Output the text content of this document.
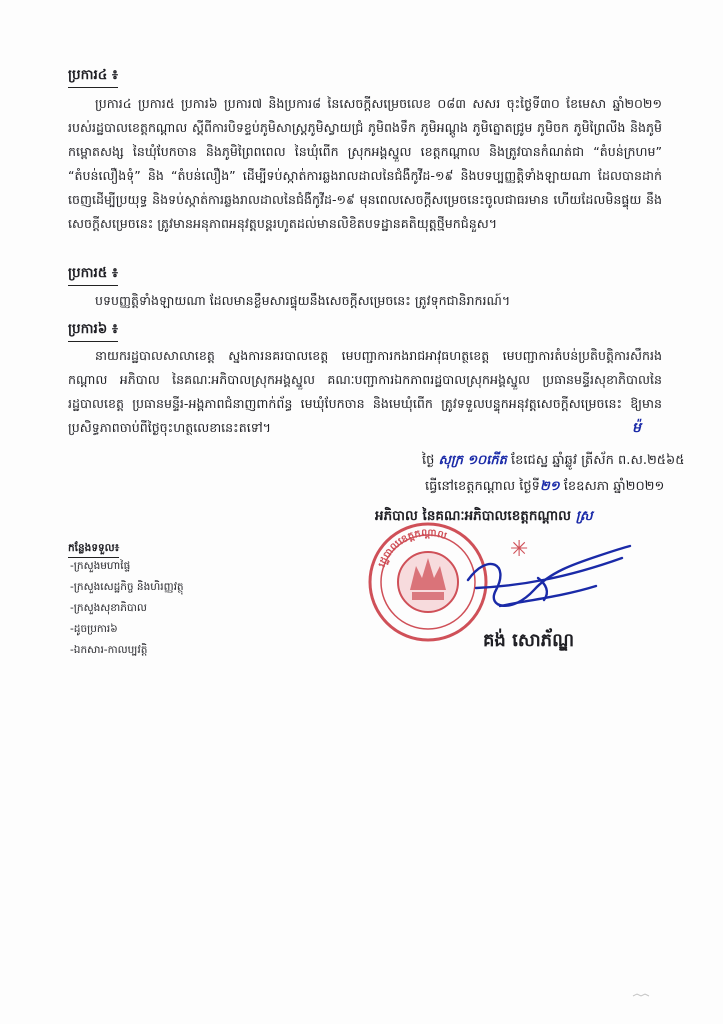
ប្រការ៤ ៖

ប្រការ៤ ប្រការ៥ ប្រការ៦ ប្រការ៧ និងប្រការ៨ នៃសេចក្តីសម្រេចលេខ ០៨៣ សសរ ចុះថ្ងៃទី៣០ ខែមេសា ឆ្នាំ២០២១ របស់រដ្ឋបាលខេត្តកណ្តាល ស្តីពីការបិទខ្ទប់ភូមិសាស្ត្រភូមិស្វាយជ្រំ ភូមិពងទឹក ភូមិអណ្តូង ភូមិត្នោតជ្រូម ភូមិចក ភូមិព្រៃលីង និងភូមិកម្ពោតសង្ស នៃឃុំបែកចាន និងភូមិព្រៃពពេល នៃឃុំពើក ស្រុកអង្គស្នួល ខេត្តកណ្តាល និងត្រូវបានកំណត់ជា “តំបន់ក្រហម” “តំបន់លឿងទុំ” និង “តំបន់លឿង” ដើម្បីទប់ស្កាត់ការឆ្លងរាលដាលនៃជំងឺកូវីដ-១៩ និងបទប្បញ្ញត្តិទាំងឡាយណា ដែលបានដាក់ចេញដើម្បីប្រយុទ្ធ និងទប់ស្កាត់ការឆ្លងរាលដាលនៃជំងឺកូវីដ-១៩ មុនពេលសេចក្តីសម្រេចនេះចូលជាធរមាន ហើយដែលមិនផ្ទុយ នឹងសេចក្តីសម្រេចនេះ ត្រូវមានអនុភាពអនុវត្តបន្តរហូតដល់មានលិខិតបទដ្ឋានគតិយុត្តថ្មីមកជំនួស។

ប្រការ៥ ៖

បទបញ្ញត្តិទាំងឡាយណា ដែលមានខ្លឹមសារផ្ទុយនឹងសេចក្តីសម្រេចនេះ ត្រូវទុកជានិរាករណ៍។

ប្រការ៦ ៖

នាយករដ្ឋបាលសាលាខេត្ត ស្នងការនគរបាលខេត្ត មេបញ្ជាការកងរាជអាវុធហត្ថខេត្ត មេបញ្ជាការតំបន់ប្រតិបត្តិការសឹករងកណ្តាល អភិបាល នៃគណៈអភិបាលស្រុកអង្គស្នួល គណៈបញ្ជាការឯកភាពរដ្ឋបាលស្រុកអង្គស្នួល ប្រធានមន្ទីរសុខាភិបាលនៃរដ្ឋបាលខេត្ត ប្រធានមន្ទីរ-អង្គភាពជំនាញពាក់ព័ន្ធ មេឃុំបែកចាន និងមេឃុំពើក ត្រូវទទួលបន្ទុកអនុវត្តសេចក្តីសម្រេចនេះ ឱ្យមានប្រសិទ្ធភាពចាប់ពីថ្ងៃចុះហត្ថលេខានេះតទៅ។	ម៉
ថ្ងៃ សុក្រ ១០កើត ខែជេស្ឋ ឆ្នាំឆ្លូវ ត្រីស័ក ព.ស.២៥៦៥
ធ្វើនៅខេត្តកណ្តាល ថ្ងៃទី២១ ខែឧសភា ឆ្នាំ២០២១
អភិបាល នៃគណៈអភិបាលខេត្តកណ្តាល ស្រ
រដ្ឋបាលខេត្តកណ្តាល
✳
គង់ សោភ័ណ្ឌ
កន្លែងទទួល៖
- ក្រសួងមហាផ្ទៃ
- ក្រសួងសេដ្ឋកិច្ច និងហិរញ្ញវត្ថុ
- ក្រសួងសុខាភិបាល
- ដូចប្រការ៦
- ឯកសារ-កាលប្បវត្តិ
